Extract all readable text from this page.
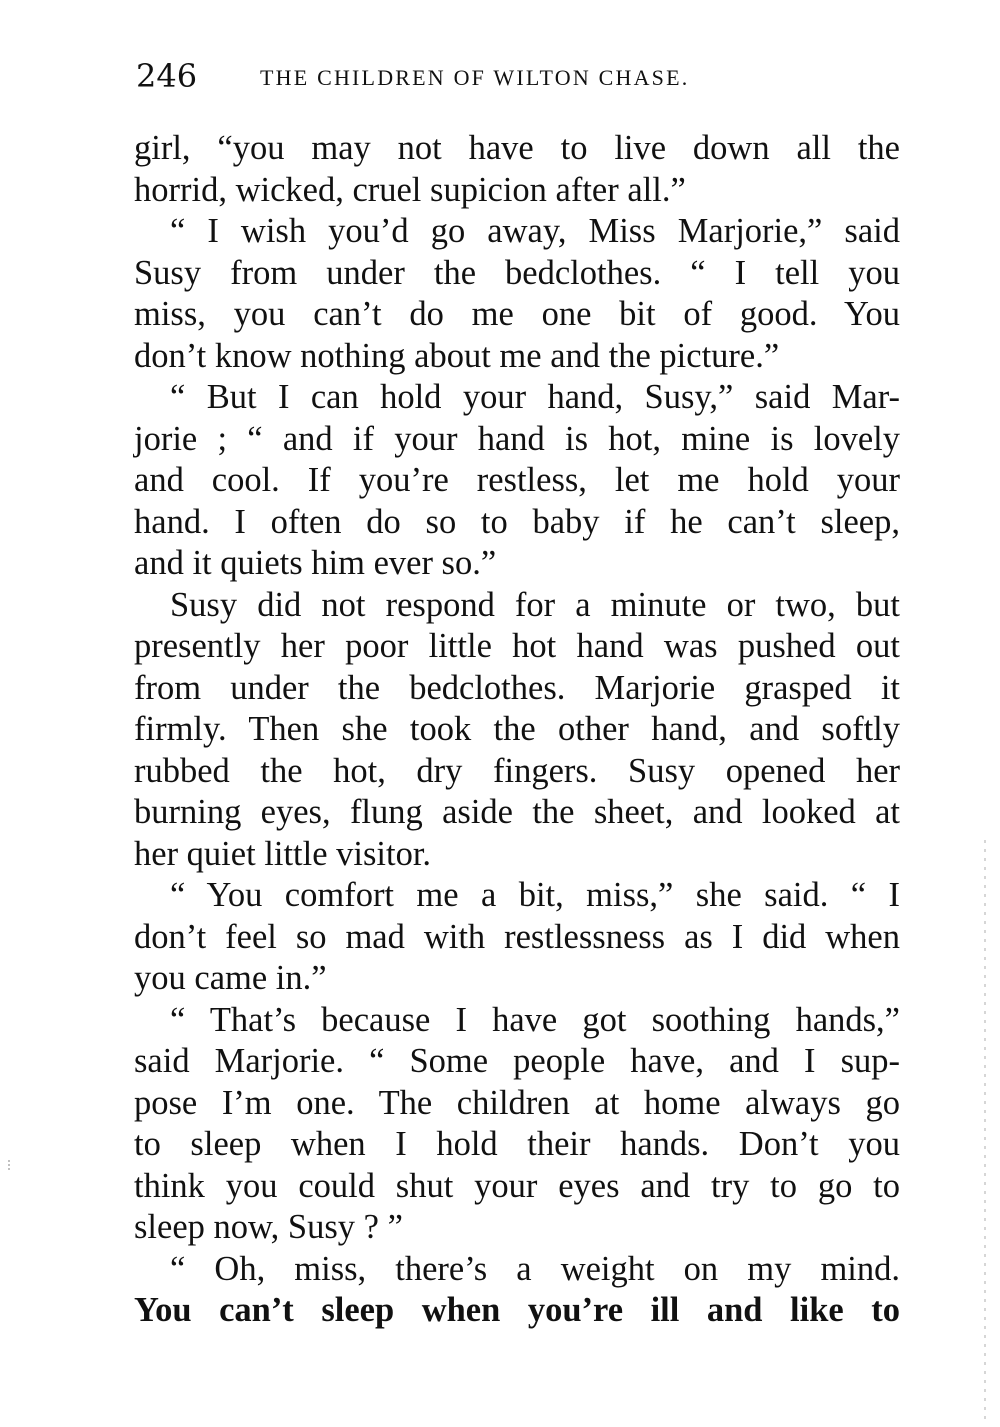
246	THE CHILDREN OF WILTON CHASE.
girl, “you may not have to live down all the
horrid, wicked, cruel supicion after all.”
“ I wish you’d go away, Miss Marjorie,” said
Susy from under the bedclothes. “ I tell you
miss, you can’t do me one bit of good. You
don’t know nothing about me and the picture.”
“ But I can hold your hand, Susy,” said Mar-
jorie ; “ and if your hand is hot, mine is lovely
and cool. If you’re restless, let me hold your
hand. I often do so to baby if he can’t sleep,
and it quiets him ever so.”
Susy did not respond for a minute or two, but
presently her poor little hot hand was pushed out
from under the bedclothes. Marjorie grasped it
firmly. Then she took the other hand, and softly
rubbed the hot, dry fingers. Susy opened her
burning eyes, flung aside the sheet, and looked at
her quiet little visitor.
“ You comfort me a bit, miss,” she said. “ I
don’t feel so mad with restlessness as I did when
you came in.”
“ That’s because I have got soothing hands,”
said Marjorie. “ Some people have, and I sup-
pose I’m one. The children at home always go
to sleep when I hold their hands. Don’t you
think you could shut your eyes and try to go to
sleep now, Susy ? ”
“ Oh, miss, there’s a weight on my mind.
You can’t sleep when you’re ill and like to
